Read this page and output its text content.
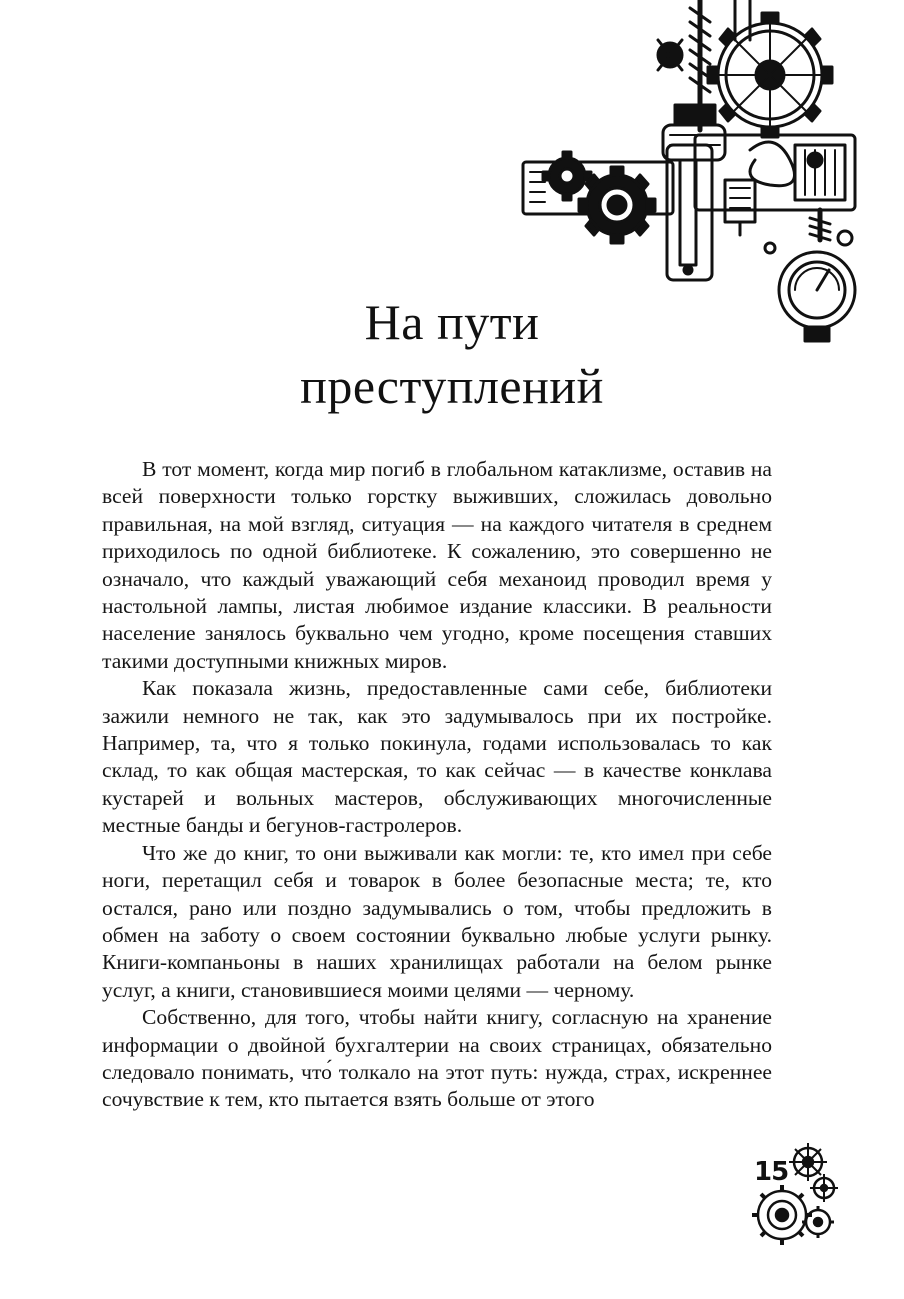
На пути
преступлений

В тот момент, когда мир погиб в глобальном катаклизме, оставив на всей поверхности только горстку выживших, сложилась довольно правильная, на мой взгляд, ситуация — на каждого читателя в среднем приходилось по одной библиотеке. К сожалению, это совершенно не означало, что каждый уважающий себя механоид проводил время у настольной лампы, листая любимое издание классики. В реальности население занялось буквально чем угодно, кроме посещения ставших такими доступными книжных миров.

Как показала жизнь, предоставленные сами себе, библиотеки зажили немного не так, как это задумывалось при их постройке. Например, та, что я только покинула, годами использовалась то как склад, то как общая мастерская, то как сейчас — в качестве конклава кустарей и вольных мастеров, обслуживающих многочисленные местные банды и бегунов-гастролеров.

Что же до книг, то они выживали как могли: те, кто имел при себе ноги, перетащил себя и товарок в более безопасные места; те, кто остался, рано или поздно задумывались о том, чтобы предложить в обмен на заботу о своем состоянии буквально любые услуги рынку. Книги-компаньоны в наших хранилищах работали на белом рынке услуг, а книги, становившиеся моими целями — черному.

Собственно, для того, чтобы найти книгу, согласную на хранение информации о двойной бухгалтерии на своих страницах, обязательно следовало понимать, что́ толкало на этот путь: нужда, страх, искреннее сочувствие к тем, кто пытается взять больше от этого

15
